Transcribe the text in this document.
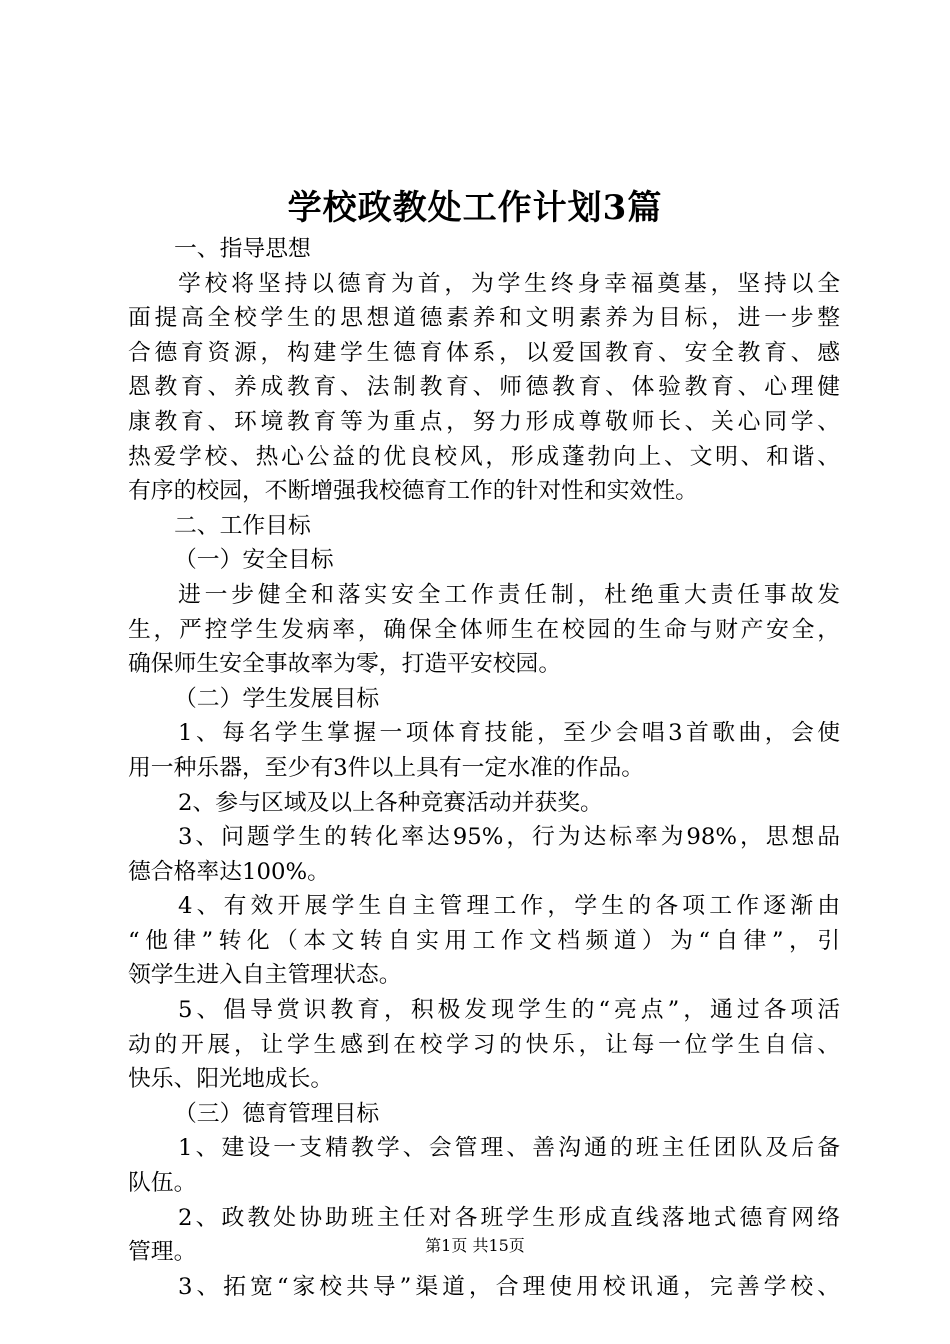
学校政教处工作计划3篇
一、指导思想
学校将坚持以德育为首，为学生终身幸福奠基，坚持以全
面提高全校学生的思想道德素养和文明素养为目标，进一步整
合德育资源，构建学生德育体系，以爱国教育、安全教育、感
恩教育、养成教育、法制教育、师德教育、体验教育、心理健
康教育、环境教育等为重点，努力形成尊敬师长、关心同学、
热爱学校、热心公益的优良校风，形成蓬勃向上、文明、和谐、
有序的校园，不断增强我校德育工作的针对性和实效性。
二、工作目标
（一）安全目标
进一步健全和落实安全工作责任制，杜绝重大责任事故发
生，严控学生发病率，确保全体师生在校园的生命与财产安全，
确保师生安全事故率为零，打造平安校园。
（二）学生发展目标
1、每名学生掌握一项体育技能，至少会唱3首歌曲，会使
用一种乐器，至少有3件以上具有一定水准的作品。
2、参与区域及以上各种竞赛活动并获奖。
3、问题学生的转化率达95%，行为达标率为98%，思想品
德合格率达100%。
4、有效开展学生自主管理工作，学生的各项工作逐渐由
“他律”转化（本文转自实用工作文档频道）为“自律”，引
领学生进入自主管理状态。
5、倡导赏识教育，积极发现学生的“亮点”，通过各项活
动的开展，让学生感到在校学习的快乐，让每一位学生自信、
快乐、阳光地成长。
（三）德育管理目标
1、建设一支精教学、会管理、善沟通的班主任团队及后备
队伍。
2、政教处协助班主任对各班学生形成直线落地式德育网络
管理。
3、拓宽“家校共导”渠道，合理使用校讯通，完善学校、
第1页 共15页
